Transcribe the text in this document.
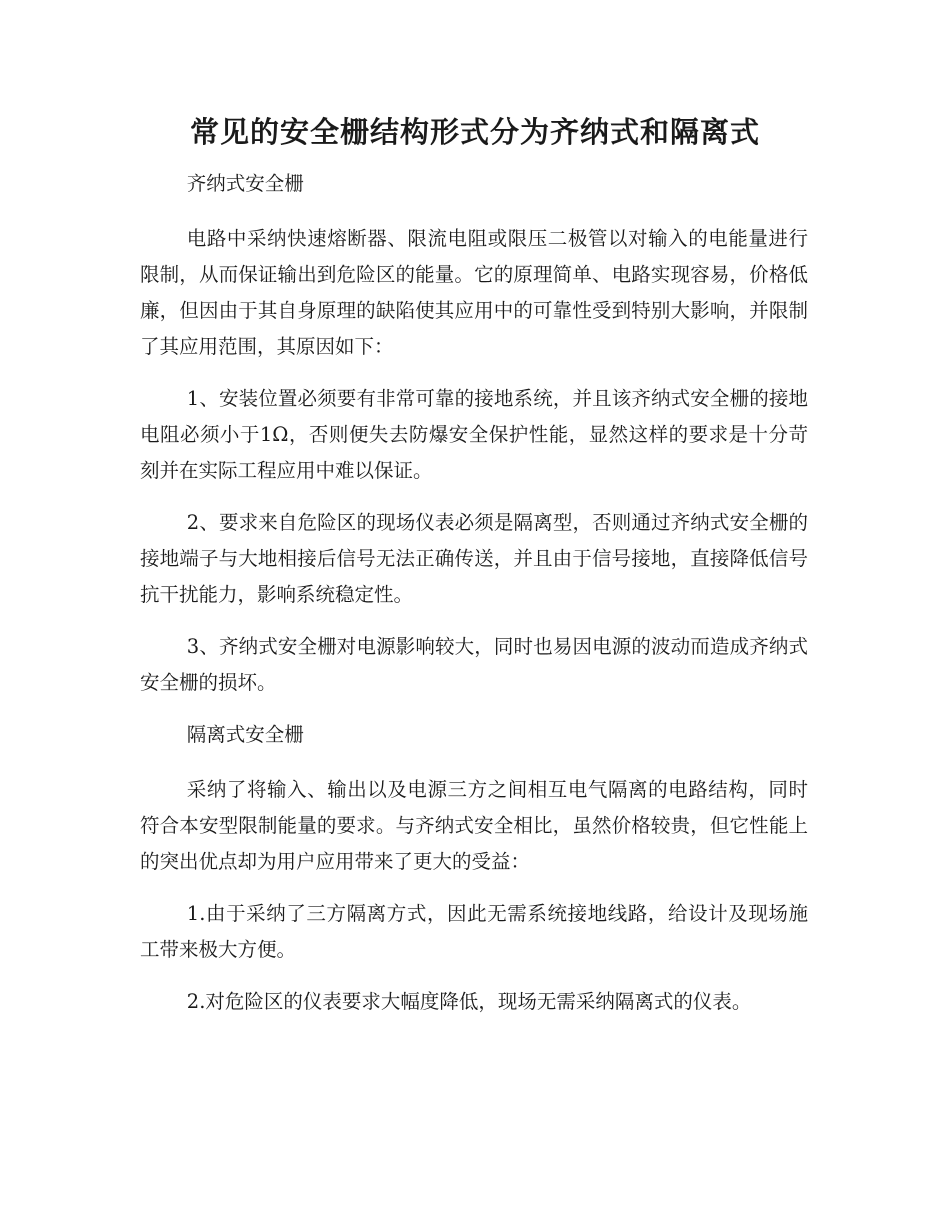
常见的安全栅结构形式分为齐纳式和隔离式

齐纳式安全栅

电路中采纳快速熔断器、限流电阻或限压二极管以对输入的电能量进行限制，从而保证输出到危险区的能量。它的原理简单、电路实现容易，价格低廉，但因由于其自身原理的缺陷使其应用中的可靠性受到特别大影响，并限制了其应用范围，其原因如下：

1、安装位置必须要有非常可靠的接地系统，并且该齐纳式安全栅的接地电阻必须小于1Ω，否则便失去防爆安全保护性能，显然这样的要求是十分苛刻并在实际工程应用中难以保证。

2、要求来自危险区的现场仪表必须是隔离型，否则通过齐纳式安全栅的接地端子与大地相接后信号无法正确传送，并且由于信号接地，直接降低信号抗干扰能力，影响系统稳定性。

3、齐纳式安全栅对电源影响较大，同时也易因电源的波动而造成齐纳式安全栅的损坏。

隔离式安全栅

采纳了将输入、输出以及电源三方之间相互电气隔离的电路结构，同时符合本安型限制能量的要求。与齐纳式安全相比，虽然价格较贵，但它性能上的突出优点却为用户应用带来了更大的受益：

1.由于采纳了三方隔离方式，因此无需系统接地线路，给设计及现场施工带来极大方便。

2.对危险区的仪表要求大幅度降低，现场无需采纳隔离式的仪表。
